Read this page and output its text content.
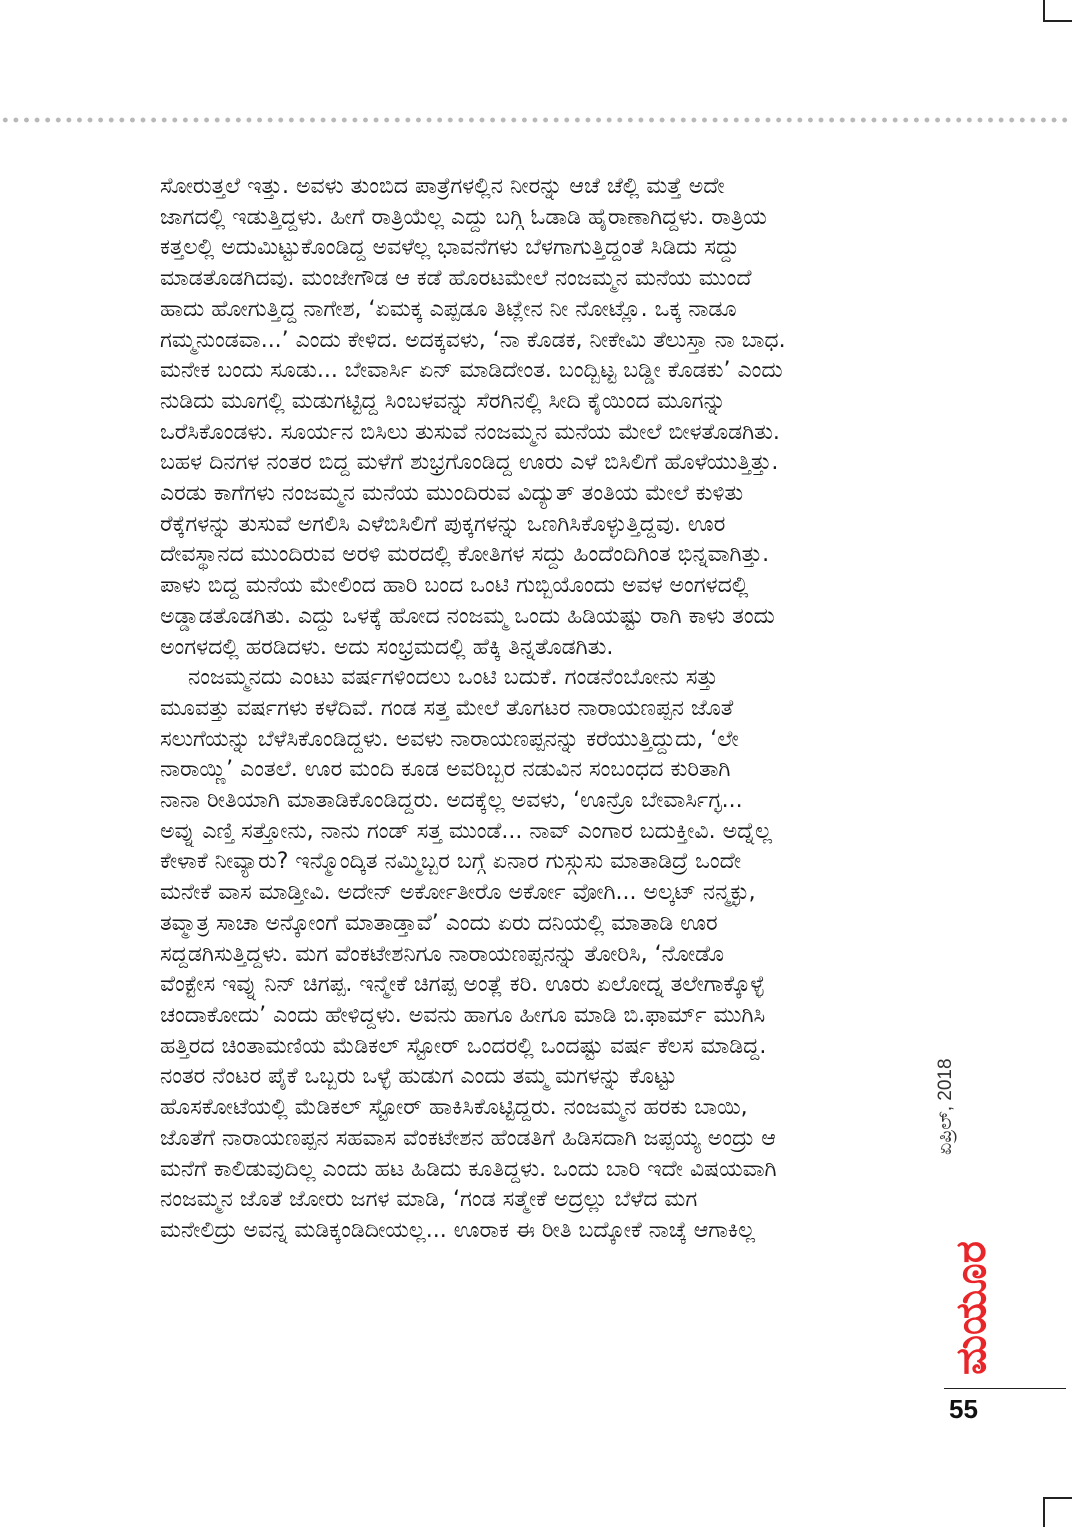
ಸೋರುತ್ತಲೆ ಇತ್ತು. ಅವಳು ತುಂಬಿದ ಪಾತ್ರೆಗಳಲ್ಲಿನ ನೀರನ್ನು ಆಚೆ ಚೆಲ್ಲಿ ಮತ್ತೆ ಅದೇ
ಜಾಗದಲ್ಲಿ ಇಡುತ್ತಿದ್ದಳು. ಹೀಗೆ ರಾತ್ರಿಯೆಲ್ಲ ಎದ್ದು ಬಗ್ಗಿ ಓಡಾಡಿ ಹೈರಾಣಾಗಿದ್ದಳು. ರಾತ್ರಿಯ
ಕತ್ತಲಲ್ಲಿ ಅದುಮಿಟ್ಟುಕೊಂಡಿದ್ದ ಅವಳೆಲ್ಲ ಭಾವನೆಗಳು ಬೆಳಗಾಗುತ್ತಿದ್ದಂತೆ ಸಿಡಿದು ಸದ್ದು
ಮಾಡತೊಡಗಿದವು. ಮಂಜೇಗೌಡ ಆ ಕಡೆ ಹೊರಟಮೇಲೆ ನಂಜಮ್ಮನ ಮನೆಯ ಮುಂದೆ
ಹಾದು ಹೋಗುತ್ತಿದ್ದ ನಾಗೇಶ, ‘ಏಮಕ್ಕ ಎಪ್ಪಡೂ ತಿಟ್ಲೇನ ನೀ ನೋಟ್ಲೊ. ಒಕ್ಕ ನಾಡೂ
ಗಮ್ಮನುಂಡವಾ...’ ಎಂದು ಕೇಳಿದ. ಅದಕ್ಕವಳು, ‘ನಾ ಕೊಡಕ, ನೀಕೇಮಿ ತೆಲುಸ್ತಾ ನಾ ಬಾಧ.
ಮನೇಕ ಬಂದು ಸೂಡು... ಬೇವಾರ್ಸಿ ಏನ್ ಮಾಡಿದೇಂತ. ಬಂದ್ಬಿಟ್ಟ ಬಡ್ಡೀ ಕೊಡಕು’ ಎಂದು
ನುಡಿದು ಮೂಗಲ್ಲಿ ಮಡುಗಟ್ಟಿದ್ದ ಸಿಂಬಳವನ್ನು ಸೆರಗಿನಲ್ಲಿ ಸೀದಿ ಕೈಯಿಂದ ಮೂಗನ್ನು
ಒರೆಸಿಕೊಂಡಳು. ಸೂರ್ಯನ ಬಿಸಿಲು ತುಸುವೆ ನಂಜಮ್ಮನ ಮನೆಯ ಮೇಲೆ ಬೀಳತೊಡಗಿತು.
ಬಹಳ ದಿನಗಳ ನಂತರ ಬಿದ್ದ ಮಳೆಗೆ ಶುಭ್ರಗೊಂಡಿದ್ದ ಊರು ಎಳೆ ಬಿಸಿಲಿಗೆ ಹೊಳೆಯುತ್ತಿತ್ತು.
ಎರಡು ಕಾಗೆಗಳು ನಂಜಮ್ಮನ ಮನೆಯ ಮುಂದಿರುವ ವಿದ್ಯುತ್ ತಂತಿಯ ಮೇಲೆ ಕುಳಿತು
ರೆಕ್ಕೆಗಳನ್ನು ತುಸುವೆ ಅಗಲಿಸಿ ಎಳೆಬಿಸಿಲಿಗೆ ಪುಕ್ಕಗಳನ್ನು ಒಣಗಿಸಿಕೊಳ್ಳುತ್ತಿದ್ದವು. ಊರ
ದೇವಸ್ಥಾನದ ಮುಂದಿರುವ ಅರಳಿ ಮರದಲ್ಲಿ ಕೋತಿಗಳ ಸದ್ದು ಹಿಂದೆಂದಿಗಿಂತ ಭಿನ್ನವಾಗಿತ್ತು.
ಪಾಳು ಬಿದ್ದ ಮನೆಯ ಮೇಲಿಂದ ಹಾರಿ ಬಂದ ಒಂಟಿ ಗುಬ್ಬಿಯೊಂದು ಅವಳ ಅಂಗಳದಲ್ಲಿ
ಅಡ್ಡಾಡತೊಡಗಿತು. ಎದ್ದು ಒಳಕ್ಕೆ ಹೋದ ನಂಜಮ್ಮ ಒಂದು ಹಿಡಿಯಷ್ಟು ರಾಗಿ ಕಾಳು ತಂದು
ಅಂಗಳದಲ್ಲಿ ಹರಡಿದಳು. ಅದು ಸಂಭ್ರಮದಲ್ಲಿ ಹೆಕ್ಕಿ ತಿನ್ನತೊಡಗಿತು.
ನಂಜಮ್ಮನದು ಎಂಟು ವರ್ಷಗಳಿಂದಲು ಒಂಟಿ ಬದುಕೆ. ಗಂಡನೆಂಬೋನು ಸತ್ತು
ಮೂವತ್ತು ವರ್ಷಗಳು ಕಳೆದಿವೆ. ಗಂಡ ಸತ್ತ ಮೇಲೆ ತೊಗಟರ ನಾರಾಯಣಪ್ಪನ ಜೊತೆ
ಸಲುಗೆಯನ್ನು ಬೆಳೆಸಿಕೊಂಡಿದ್ದಳು. ಅವಳು ನಾರಾಯಣಪ್ಪನನ್ನು ಕರೆಯುತ್ತಿದ್ದುದು, ‘ಲೇ
ನಾರಾಯ್ಣಿ’ ಎಂತಲೆ. ಊರ ಮಂದಿ ಕೂಡ ಅವರಿಬ್ಬರ ನಡುವಿನ ಸಂಬಂಧದ ಕುರಿತಾಗಿ
ನಾನಾ ರೀತಿಯಾಗಿ ಮಾತಾಡಿಕೊಂಡಿದ್ದರು. ಅದಕ್ಕೆಲ್ಲ ಅವಳು, ‘ಊನ್ರೊ ಬೇವಾರ್ಸಿಗ್ಳ...
ಅವ್ನು ಎಣ್ತಿ ಸತ್ತೋನು, ನಾನು ಗಂಡ್ ಸತ್ತ ಮುಂಡೆ... ನಾವ್ ಎಂಗಾರ ಬದುಕ್ತೀವಿ. ಅದ್ನೆಲ್ಲ
ಕೇಳಾಕೆ ನೀವ್ಯಾರು? ಇನ್ಮೊಂದ್ಕಿತ ನಮ್ಮಿಬ್ಬರ ಬಗ್ಗೆ ಏನಾರ ಗುಸ್ಗುಸು ಮಾತಾಡಿದ್ರೆ ಒಂದೇ
ಮನೇಕೆ ವಾಸ ಮಾಡ್ತೀವಿ. ಅದೇನ್ ಅರ್ಕೋತೀರೊ ಅರ್ಕೋ ವೋಗಿ... ಅಲ್ಕಟ್ ನನ್ಮಕ್ಳು,
ತವ್ಮಾತ್ರ ಸಾಚಾ ಅನ್ಕೋಂಗೆ ಮಾತಾಡ್ತಾವೆ’ ಎಂದು ಏರು ದನಿಯಲ್ಲಿ ಮಾತಾಡಿ ಊರ
ಸದ್ದಡಗಿಸುತ್ತಿದ್ದಳು. ಮಗ ವೆಂಕಟೇಶನಿಗೂ ನಾರಾಯಣಪ್ಪನನ್ನು ತೋರಿಸಿ, ‘ನೋಡೊ
ವೆಂಕ್ಟೇಸ ಇವ್ನು ನಿನ್ ಚಿಗಪ್ಪ. ಇನ್ಮೇಕೆ ಚಿಗಪ್ಪ ಅಂತ್ಲೆ ಕರಿ. ಊರು ಏಲೋದ್ನ ತಲೇಗಾಕ್ಕೊಳ್ಳೆ
ಚಂದಾಕೋದು’ ಎಂದು ಹೇಳಿದ್ದಳು. ಅವನು ಹಾಗೂ ಹೀಗೂ ಮಾಡಿ ಬಿ.ಫಾರ್ಮ್ ಮುಗಿಸಿ
ಹತ್ತಿರದ ಚಿಂತಾಮಣಿಯ ಮೆಡಿಕಲ್ ಸ್ಟೋರ್ ಒಂದರಲ್ಲಿ ಒಂದಷ್ಟು ವರ್ಷ ಕೆಲಸ ಮಾಡಿದ್ದ.
ನಂತರ ನೆಂಟರ ಪೈಕೆ ಒಬ್ಬರು ಒಳ್ಳೆ ಹುಡುಗ ಎಂದು ತಮ್ಮ ಮಗಳನ್ನು ಕೊಟ್ಟು
ಹೊಸಕೋಟೆಯಲ್ಲಿ ಮೆಡಿಕಲ್ ಸ್ಟೋರ್ ಹಾಕಿಸಿಕೊಟ್ಟಿದ್ದರು. ನಂಜಮ್ಮನ ಹರಕು ಬಾಯಿ,
ಜೊತೆಗೆ ನಾರಾಯಣಪ್ಪನ ಸಹವಾಸ ವೆಂಕಟೇಶನ ಹೆಂಡತಿಗೆ ಹಿಡಿಸದಾಗಿ ಜಪ್ಪಯ್ಯ ಅಂದ್ರು ಆ
ಮನೆಗೆ ಕಾಲಿಡುವುದಿಲ್ಲ ಎಂದು ಹಟ ಹಿಡಿದು ಕೂತಿದ್ದಳು. ಒಂದು ಬಾರಿ ಇದೇ ವಿಷಯವಾಗಿ
ನಂಜಮ್ಮನ ಜೊತೆ ಜೋರು ಜಗಳ ಮಾಡಿ, ‘ಗಂಡ ಸತ್ಮೇಕೆ ಅದ್ರಲ್ಲು ಬೆಳೆದ ಮಗ
ಮನೇಲಿದ್ರು ಅವನ್ನ ಮಡಿಕ್ಕಂಡಿದೀಯಲ್ಲ... ಊರಾಕ ಈ ರೀತಿ ಬದ್ಕೋಕೆ ನಾಚ್ಕೆ ಆಗಾಕಿಲ್ಲ
ಏಪ್ರಿಲ್, 2018
ಮಯೂರ
55
